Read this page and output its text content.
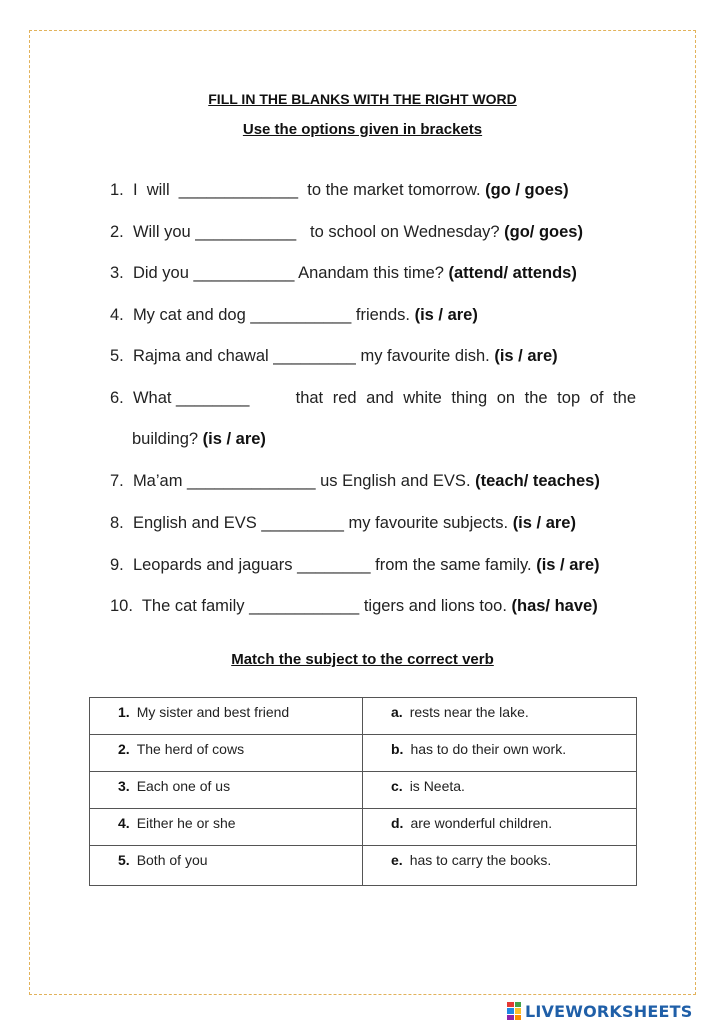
FILL IN THE BLANKS WITH THE RIGHT WORD
Use the options given in brackets
1. I  will  _____________  to the market tomorrow. (go / goes)
2. Will you ___________   to school on Wednesday? (go/ goes)
3. Did you ___________ Anandam this time? (attend/ attends)
4. My cat and dog ___________ friends. (is / are)
5. Rajma and chawal _________ my favourite dish. (is / are)
6. What ________	that red and white thing on the top of the
building? (is / are)
7. Ma’am ______________ us English and EVS. (teach/ teaches)
8. English and EVS _________ my favourite subjects. (is / are)
9. Leopards and jaguars ________ from the same family. (is / are)
10. The cat family ____________ tigers and lions too. (has/ have)
Match the subject to the correct verb
1. My sister and best friend	a. rests near the lake.
2. The herd of cows	b. has to do their own work.
3. Each one of us	c. is Neeta.
4. Either he or she	d. are wonderful children.
5. Both of you	e. has to carry the books.
LIVEWORKSHEETS
